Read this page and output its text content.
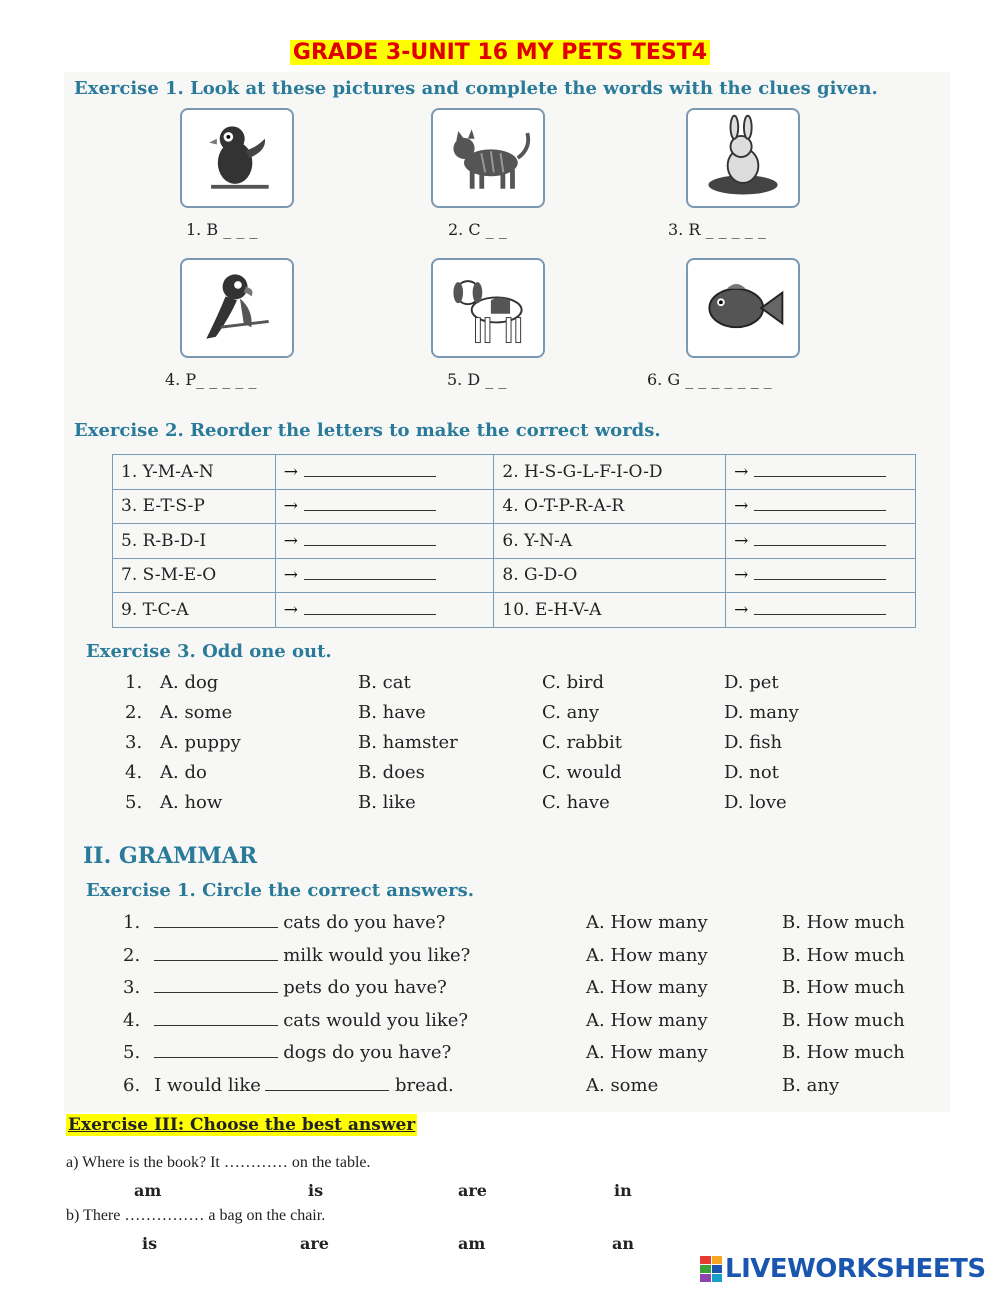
GRADE 3-UNIT 16 MY PETS TEST4
Exercise 1. Look at these pictures and complete the words with the clues given.
1. B _ _ _	2. C _ _	3. R _ _ _ _ _
4. P_ _ _ _ _	5. D _ _	6. G _ _ _ _ _ _ _
Exercise 2. Reorder the letters to make the correct words.
1. Y-M-A-N	→	2. H-S-G-L-F-I-O-D	→
3. E-T-S-P	→	4. O-T-P-R-A-R	→
5. R-B-D-I	→	6. Y-N-A	→
7. S-M-E-O	→	8. G-D-O	→
9. T-C-A	→	10. E-H-V-A	→
Exercise 3. Odd one out.
1. A. dog	B. cat	C. bird	D. pet
2. A. some	B. have	C. any	D. many
3. A. puppy	B. hamster	C. rabbit	D. fish
4. A. do	B. does	C. would	D. not
5. A. how	B. like	C. have	D. love
II. GRAMMAR
Exercise 1. Circle the correct answers.
1.	cats do you have?	A. How many	B. How much
2.	milk would you like?	A. How many	B. How much
3.	pets do you have?	A. How many	B. How much
4.	cats would you like?	A. How many	B. How much
5.	dogs do you have?	A. How many	B. How much
6. I would like	bread.	A. some	B. any
Exercise III: Choose the best answer
a) Where is the book? It ………… on the table.
am	is	are	in
b) There …………… a bag on the chair.
is	are	am	an
LIVEWORKSHEETS
